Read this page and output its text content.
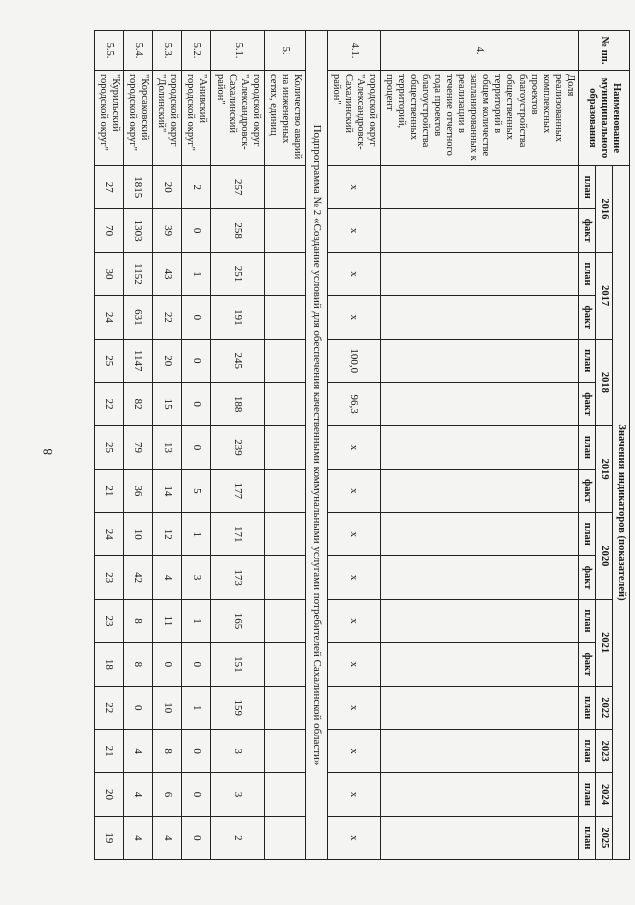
8
№ пп.	Наименование муниципального образования	Значения индикаторов (показателей)															
		2016		2017		2018		2019		2020		2021		2022	2023	2024	2025
		план	факт	план	факт	план	факт	план	факт	план	факт	план	факт	план	план	план	план
4.	Доля реализованных комплексных проектов благоустройства общественных территорий в общем количестве запланированных к реализации в течение отчетного года проектов благоустройства общественных территорий, процент																
4.1.	городской округ "Александровск-Сахалинский район"	х	х	х	х	100,0	96,3	х	х	х	х	х	х	х	х	х	х
Подпрограмма № 2 «Создание условий для обеспечения качественными коммунальными услугами потребителей Сахалинской области»																	
5.	Количество аварий на инженерных сетях, единиц																
5.1.	городской округ "Александровск-Сахалинский район"	257	258	251	191	245	188	239	177	171	173	165	151	159	3	3	2
5.2.	"Анивский городской округ"	2	0	1	0	0	0	0	5	1	3	1	0	1	0	0	0
5.3.	городской округ "Долинский"	20	39	43	22	20	15	13	14	12	4	11	0	10	8	6	4
5.4.	"Корсаковский городской округ"	1815	1303	1152	631	1147	82	79	36	10	42	8	8	0	4	4	4
5.5.	"Курильский городской округ"	27	70	30	24	25	22	25	21	24	23	23	18	22	21	20	19
